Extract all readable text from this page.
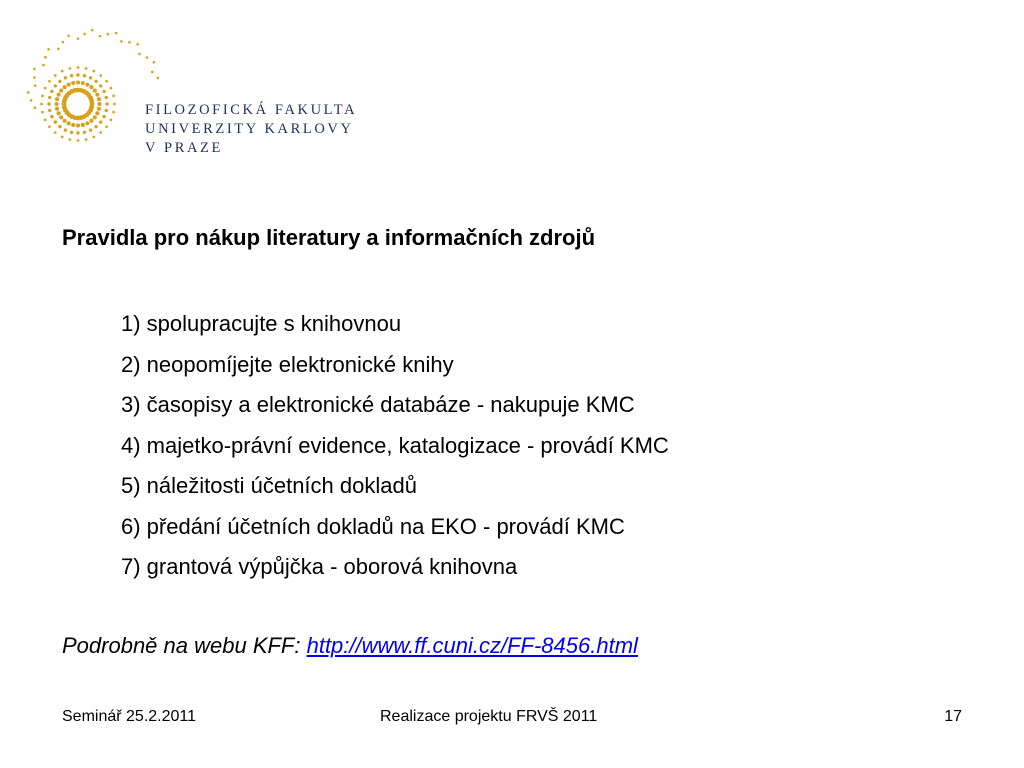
FILOZOFICKÁ FAKULTA
UNIVERZITY KARLOVY
V PRAZE
Pravidla pro nákup literatury a informačních zdrojů
1) spolupracujte s knihovnou
2) neopomíjejte elektronické knihy
3) časopisy a elektronické databáze - nakupuje KMC
4) majetko-právní evidence, katalogizace - provádí KMC
5) náležitosti účetních dokladů
6) předání účetních dokladů na EKO - provádí KMC
7) grantová výpůjčka - oborová knihovna
Podrobně na webu KFF: http://www.ff.cuni.cz/FF-8456.html
Seminář 25.2.2011	Realizace projektu FRVŠ 2011	17
